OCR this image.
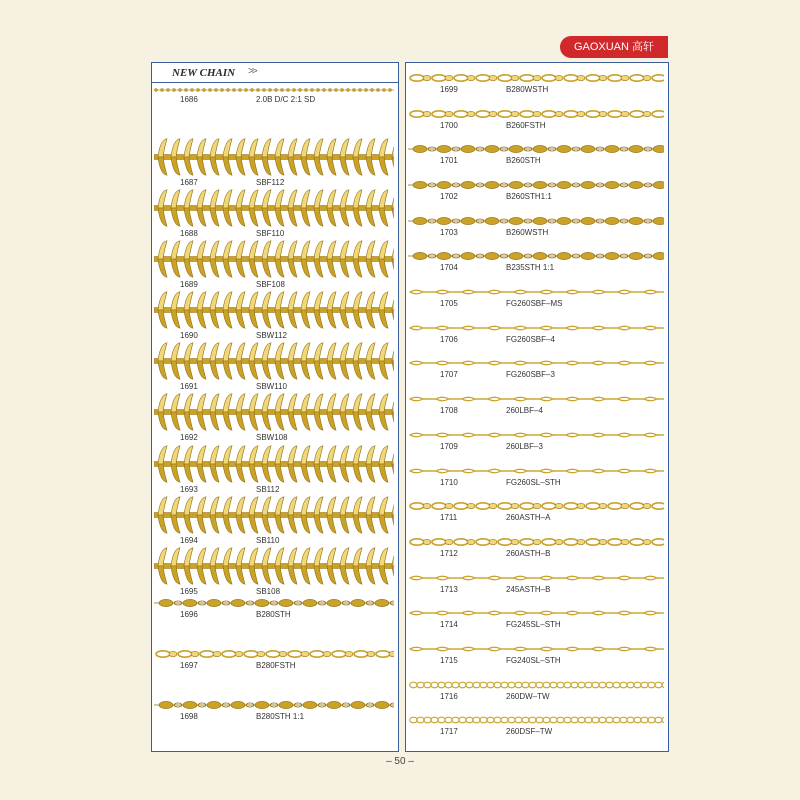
GAOXUAN 高轩
NEW CHAIN >>
1686	2.0B D/C 2:1 SD
1687	SBF112
1688	SBF110
1689	SBF108
1690	SBW112
1691	SBW110
1692	SBW108
1693	SB112
1694	SB110
1695	SB108
1696	B280STH
1697	B280FSTH
1698	B280STH 1:1
1699	B280WSTH
1700	B260FSTH
1701	B260STH
1702	B260STH1:1
1703	B260WSTH
1704	B235STH 1:1
1705	FG260SBF–MS
1706	FG260SBF–4
1707	FG260SBF–3
1708	260LBF–4
1709	260LBF–3
1710	FG260SL–STH
1711	260ASTH–A
1712	260ASTH–B
1713	245ASTH–B
1714	FG245SL–STH
1715	FG240SL–STH
1716	260DW–TW
1717	260DSF–TW
– 50 –
